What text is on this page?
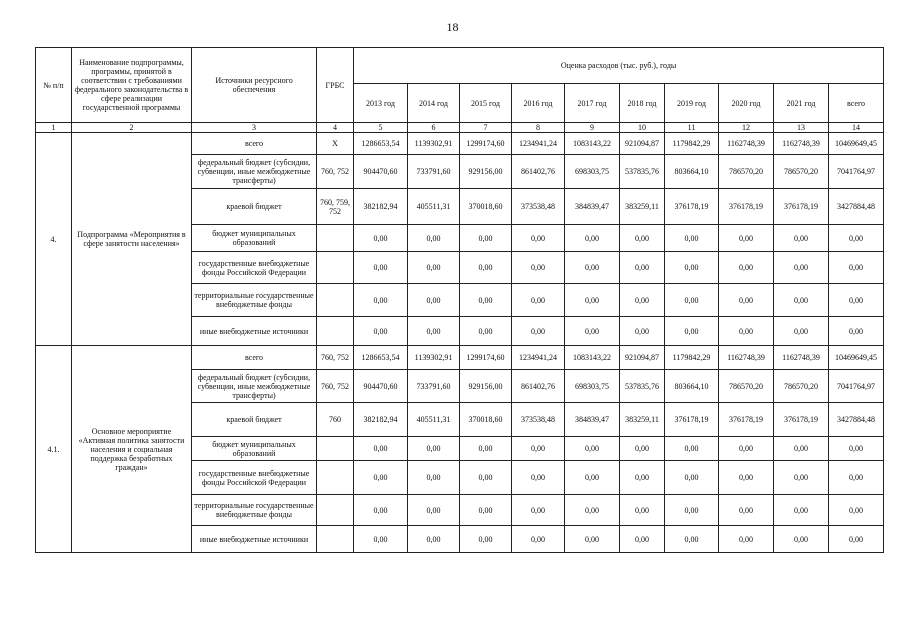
18
№ п/п	Наименование подпрограммы, программы, принятой в соответствии с требованиями федерального законодательства в сфере реализации государственной программы	Источники ресурсного обеспечения	ГРБС	Оценка расходов (тыс. руб.), годы									
				2013 год	2014 год	2015 год	2016 год	2017 год	2018 год	2019 год	2020 год	2021 год	всего
1	2	3	4	5	6	7	8	9	10	11	12	13	14
4.	Подпрограмма «Мероприятия в сфере занятости населения»	всего	Х	1286653,54	1139302,91	1299174,60	1234941,24	1083143,22	921094,87	1179842,29	1162748,39	1162748,39	10469649,45
		федеральный бюджет (субсидии, субвенции, иные межбюджетные трансферты)	760, 752	904470,60	733791,60	929156,00	861402,76	698303,75	537835,76	803664,10	786570,20	786570,20	7041764,97
		краевой бюджет	760, 759, 752	382182,94	405511,31	370018,60	373538,48	384839,47	383259,11	376178,19	376178,19	376178,19	3427884,48
		бюджет муниципальных образований		0,00	0,00	0,00	0,00	0,00	0,00	0,00	0,00	0,00	0,00
		государственные внебюджетные фонды Российской Федерации		0,00	0,00	0,00	0,00	0,00	0,00	0,00	0,00	0,00	0,00
		территориальные государственные внебюджетные фонды		0,00	0,00	0,00	0,00	0,00	0,00	0,00	0,00	0,00	0,00
		иные внебюджетные источники		0,00	0,00	0,00	0,00	0,00	0,00	0,00	0,00	0,00	0,00
4.1.	Основное мероприятие «Активная политика занятости населения и социальная поддержка безработных граждан»	всего	760, 752	1286653,54	1139302,91	1299174,60	1234941,24	1083143,22	921094,87	1179842,29	1162748,39	1162748,39	10469649,45
		федеральный бюджет (субсидии, субвенции, иные межбюджетные трансферты)	760, 752	904470,60	733791,60	929156,00	861402,76	698303,75	537835,76	803664,10	786570,20	786570,20	7041764,97
		краевой бюджет	760	382182,94	405511,31	370018,60	373538,48	384839,47	383259,11	376178,19	376178,19	376178,19	3427884,48
		бюджет муниципальных образований		0,00	0,00	0,00	0,00	0,00	0,00	0,00	0,00	0,00	0,00
		государственные внебюджетные фонды Российской Федерации		0,00	0,00	0,00	0,00	0,00	0,00	0,00	0,00	0,00	0,00
		территориальные государственные внебюджетные фонды		0,00	0,00	0,00	0,00	0,00	0,00	0,00	0,00	0,00	0,00
		иные внебюджетные источники		0,00	0,00	0,00	0,00	0,00	0,00	0,00	0,00	0,00	0,00
